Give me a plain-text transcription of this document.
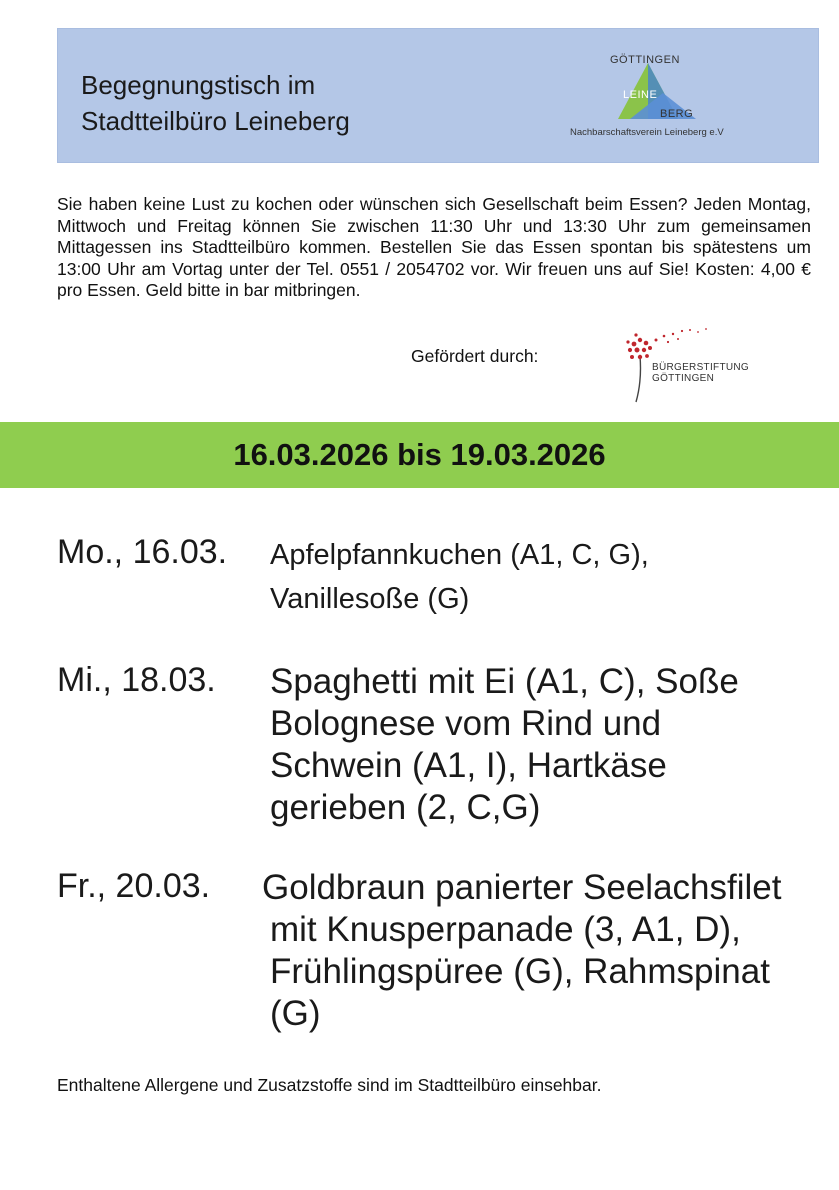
Begegnungstisch im
Stadtteilbüro Leineberg
GÖTTINGEN
LEINE
BERG
Nachbarschaftsverein Leineberg e.V

Sie haben keine Lust zu kochen oder wünschen sich Gesellschaft beim Essen? Jeden Montag, Mittwoch und Freitag können Sie zwischen 11:30 Uhr und 13:30 Uhr zum gemeinsamen Mittagessen ins Stadtteilbüro kommen. Bestellen Sie das Essen spontan bis spätestens um 13:00 Uhr am Vortag unter der Tel. 0551 / 2054702 vor. Wir freuen uns auf Sie! Kosten: 4,00 € pro Essen. Geld bitte in bar mitbringen.

Gefördert durch:
BÜRGERSTIFTUNG
GÖTTINGEN
16.03.2026 bis 19.03.2026
Mo., 16.03. Apfelpfannkuchen (A1, C, G),
Vanillesoße (G)
Mi., 18.03. Spaghetti mit Ei (A1, C), Soße
Bolognese vom Rind und
Schwein (A1, I), Hartkäse
gerieben (2, C,G)
Fr., 20.03. Goldbraun panierter Seelachsfilet
mit Knusperpanade (3, A1, D),
Frühlingspüree (G), Rahmspinat
(G)
Enthaltene Allergene und Zusatzstoffe sind im Stadtteilbüro einsehbar.
